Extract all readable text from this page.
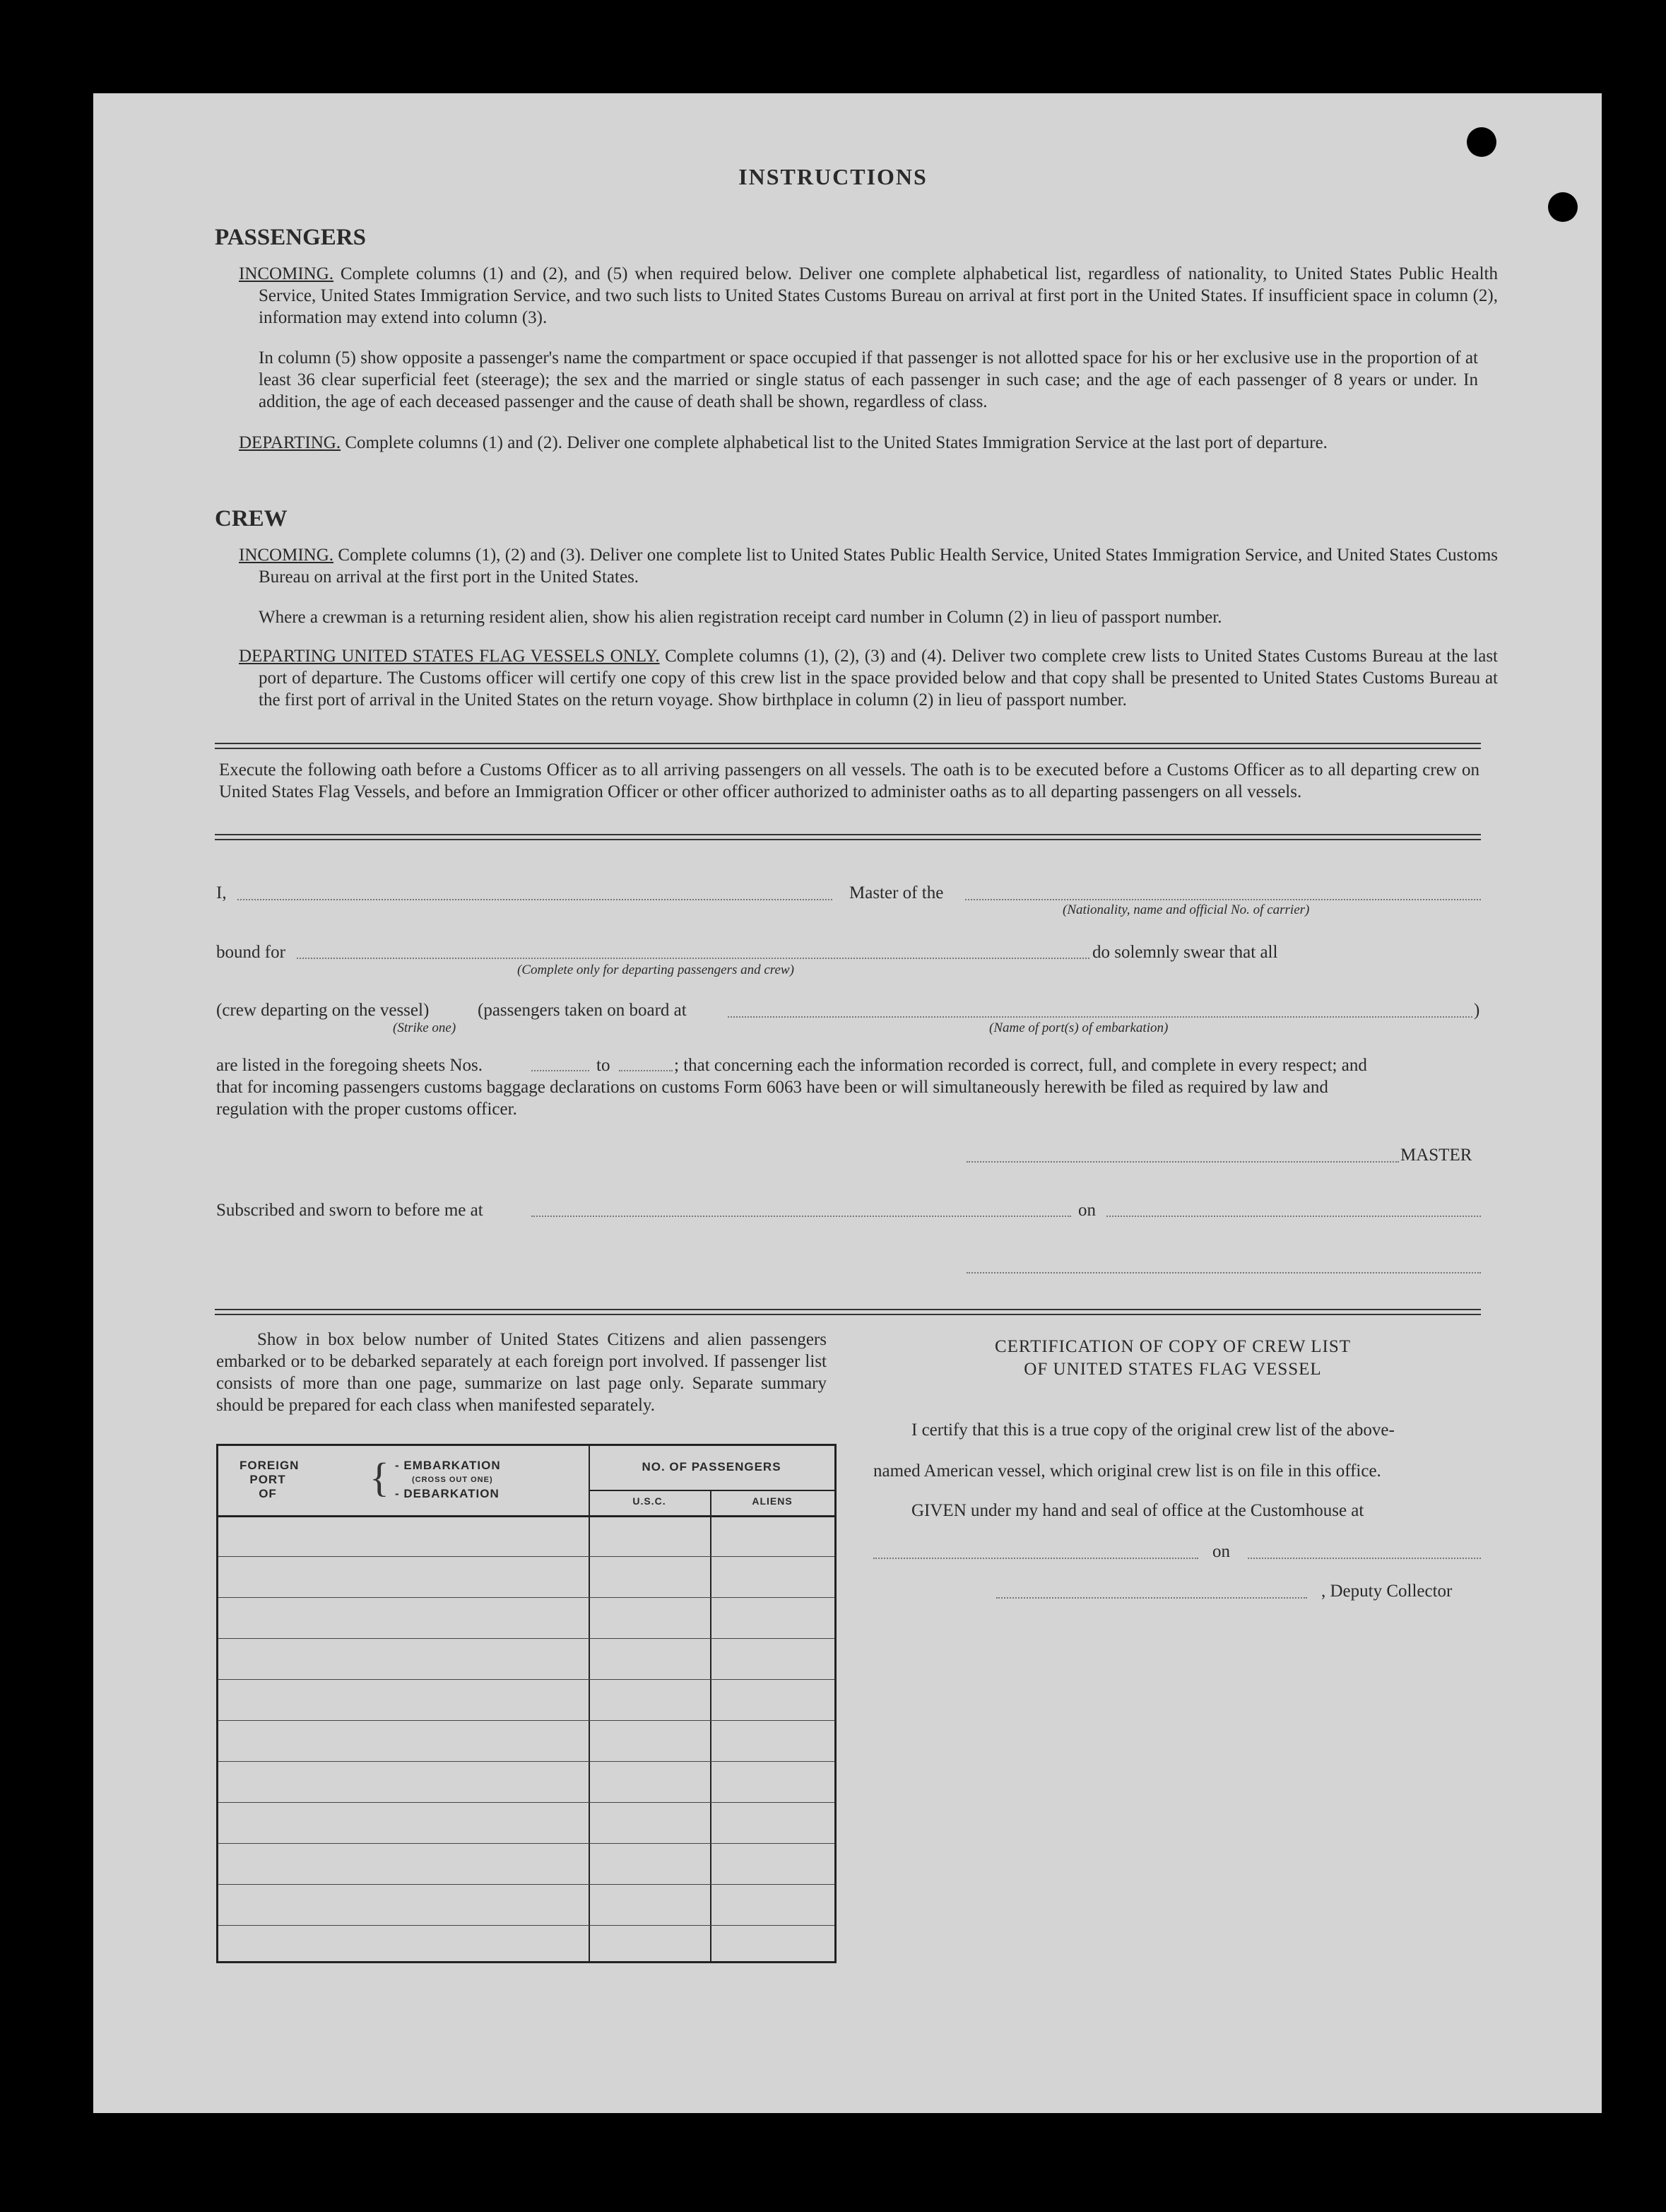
INSTRUCTIONS
PASSENGERS
INCOMING. Complete columns (1) and (2), and (5) when required below. Deliver one complete alphabetical list, regardless of nationality, to United States Public Health Service, United States Immigration Service, and two such lists to United States Customs Bureau on arrival at first port in the United States. If insufficient space in column (2), information may extend into column (3).
In column (5) show opposite a passenger's name the compartment or space occupied if that passenger is not allotted space for his or her exclusive use in the proportion of at least 36 clear superficial feet (steerage); the sex and the married or single status of each passenger in such case; and the age of each passenger of 8 years or under. In addition, the age of each deceased passenger and the cause of death shall be shown, regardless of class.
DEPARTING. Complete columns (1) and (2). Deliver one complete alphabetical list to the United States Immigration Service at the last port of departure.
CREW
INCOMING. Complete columns (1), (2) and (3). Deliver one complete list to United States Public Health Service, United States Immigration Service, and United States Customs Bureau on arrival at the first port in the United States.
Where a crewman is a returning resident alien, show his alien registration receipt card number in Column (2) in lieu of passport number.
DEPARTING UNITED STATES FLAG VESSELS ONLY. Complete columns (1), (2), (3) and (4). Deliver two complete crew lists to United States Customs Bureau at the last port of departure. The Customs officer will certify one copy of this crew list in the space provided below and that copy shall be presented to United States Customs Bureau at the first port of arrival in the United States on the return voyage. Show birthplace in column (2) in lieu of passport number.
Execute the following oath before a Customs Officer as to all arriving passengers on all vessels. The oath is to be executed before a Customs Officer as to all departing crew on United States Flag Vessels, and before an Immigration Officer or other officer authorized to administer oaths as to all departing passengers on all vessels.
I,	Master of the
(Nationality, name and official No. of carrier)
bound for	do solemnly swear that all
(Complete only for departing passengers and crew)
(crew departing on the vessel)	(passengers taken on board at	)
(Strike one)	(Name of port(s) of embarkation)
are listed in the foregoing sheets Nos.	to	; that concerning each the information recorded is correct, full, and complete in every respect; and
that for incoming passengers customs baggage declarations on customs Form 6063 have been or will simultaneously herewith be filed as required by law and
regulation with the proper customs officer.
MASTER
Subscribed and sworn to before me at	on
Show in box below number of United States Citizens and alien passengers embarked or to be debarked separately at each foreign port involved. If passenger list consists of more than one page, summarize on last page only. Separate summary should be prepared for each class when manifested separately.
FOREIGN PORT OF	{ - EMBARKATION
(CROSS OUT ONE)
- DEBARKATION
NO. OF PASSENGERS
U.S.C.	ALIENS
CERTIFICATION OF COPY OF CREW LIST
OF UNITED STATES FLAG VESSEL
I certify that this is a true copy of the original crew list of the above-
named American vessel, which original crew list is on file in this office.
GIVEN under my hand and seal of office at the Customhouse at
on
, Deputy Collector
